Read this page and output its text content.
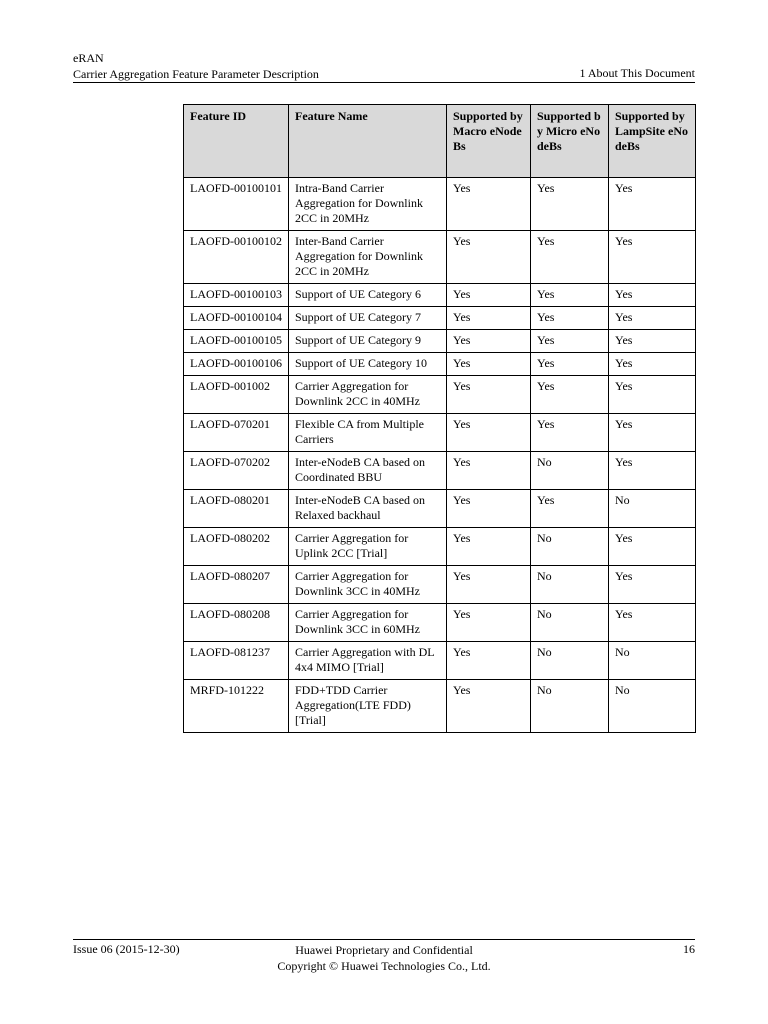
eRAN
Carrier Aggregation Feature Parameter Description	1 About This Document
Feature ID	Feature Name	Supported by Macro eNodeBs	Supported by Micro eNodeBs	Supported by LampSite eNodeBs
LAOFD-00100101	Intra-Band Carrier Aggregation for Downlink 2CC in 20MHz	Yes	Yes	Yes
LAOFD-00100102	Inter-Band Carrier Aggregation for Downlink 2CC in 20MHz	Yes	Yes	Yes
LAOFD-00100103	Support of UE Category 6	Yes	Yes	Yes
LAOFD-00100104	Support of UE Category 7	Yes	Yes	Yes
LAOFD-00100105	Support of UE Category 9	Yes	Yes	Yes
LAOFD-00100106	Support of UE Category 10	Yes	Yes	Yes
LAOFD-001002	Carrier Aggregation for Downlink 2CC in 40MHz	Yes	Yes	Yes
LAOFD-070201	Flexible CA from Multiple Carriers	Yes	Yes	Yes
LAOFD-070202	Inter-eNodeB CA based on Coordinated BBU	Yes	No	Yes
LAOFD-080201	Inter-eNodeB CA based on Relaxed backhaul	Yes	Yes	No
LAOFD-080202	Carrier Aggregation for Uplink 2CC [Trial]	Yes	No	Yes
LAOFD-080207	Carrier Aggregation for Downlink 3CC in 40MHz	Yes	No	Yes
LAOFD-080208	Carrier Aggregation for Downlink 3CC in 60MHz	Yes	No	Yes
LAOFD-081237	Carrier Aggregation with DL 4x4 MIMO [Trial]	Yes	No	No
MRFD-101222	FDD+TDD Carrier Aggregation(LTE FDD) [Trial]	Yes	No	No
Issue 06 (2015-12-30)	Huawei Proprietary and Confidential
Copyright © Huawei Technologies Co., Ltd.
16
